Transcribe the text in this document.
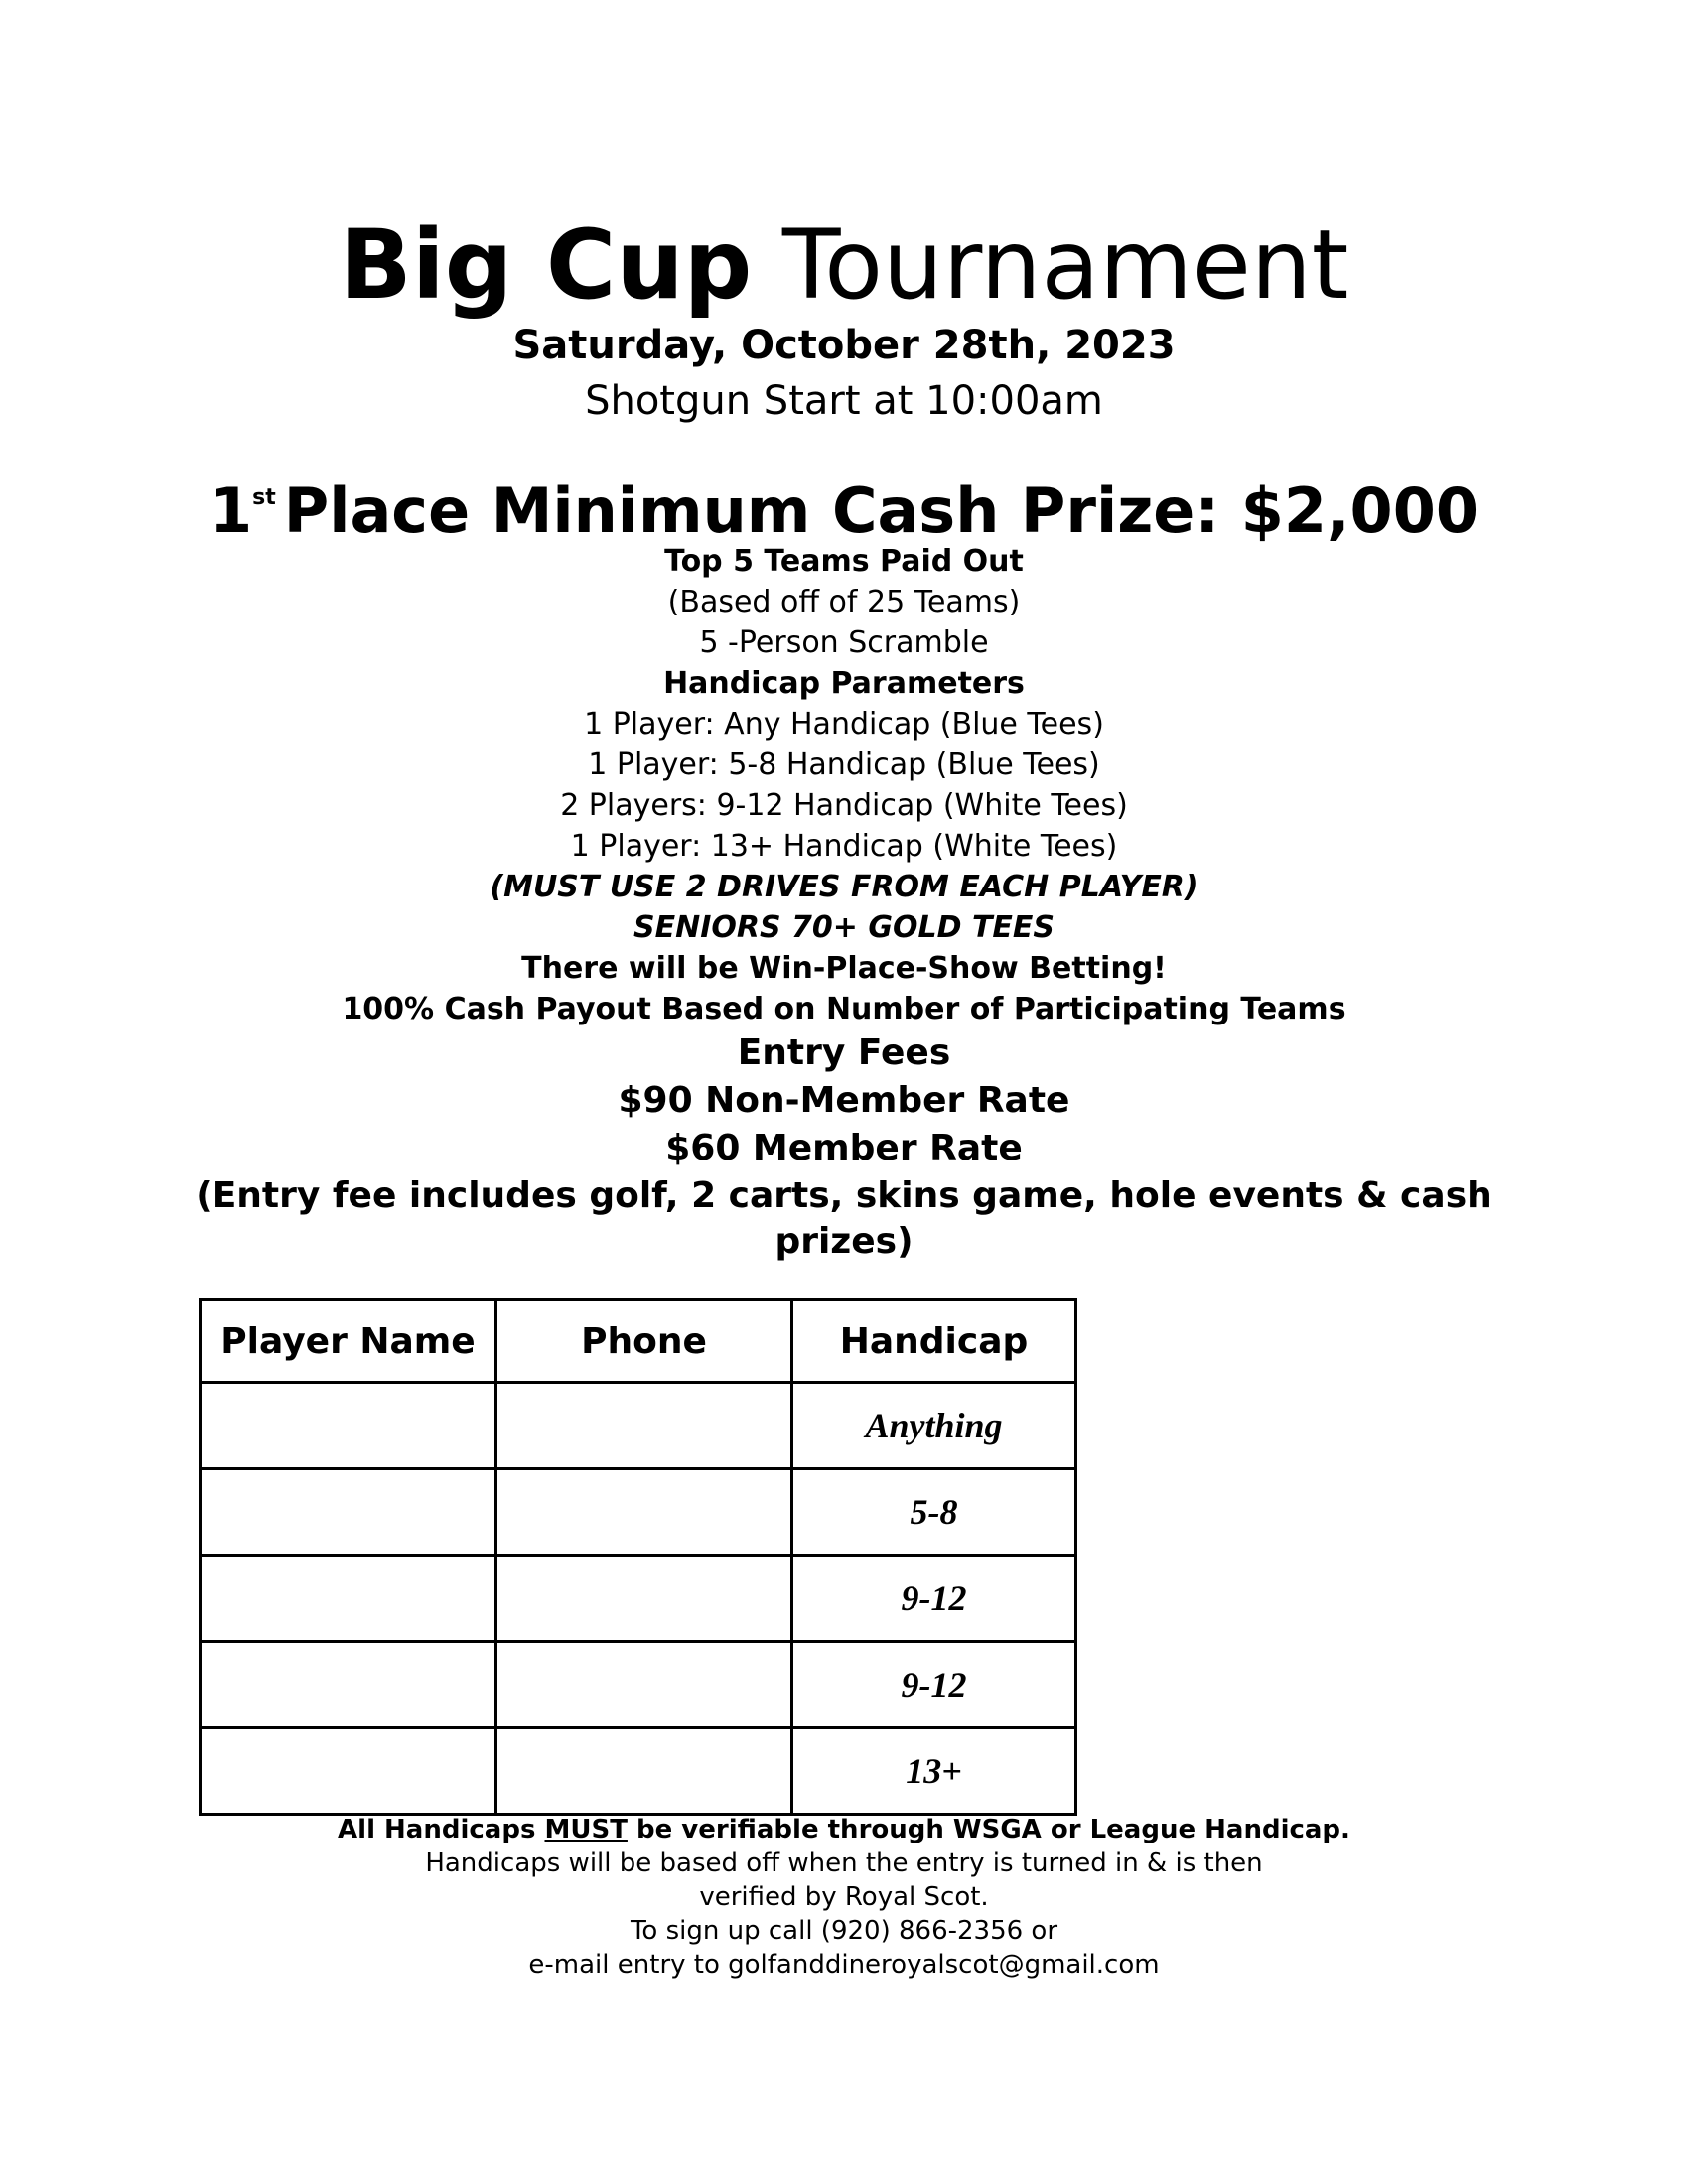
Big Cup Tournament
Saturday, October 28th, 2023
Shotgun Start at 10:00am
1st Place Minimum Cash Prize: $2,000
Top 5 Teams Paid Out
(Based off of 25 Teams)
5 -Person Scramble
Handicap Parameters
1 Player: Any Handicap (Blue Tees)
1 Player: 5-8 Handicap (Blue Tees)
2 Players: 9-12 Handicap (White Tees)
1 Player: 13+ Handicap (White Tees)
(MUST USE 2 DRIVES FROM EACH PLAYER)
SENIORS 70+ GOLD TEES
There will be Win-Place-Show Betting!
100% Cash Payout Based on Number of Participating Teams
Entry Fees
$90 Non-Member Rate
$60 Member Rate
(Entry fee includes golf, 2 carts, skins game, hole events & cash
prizes)
Player Name	Phone	Handicap
		Anything
		5-8
		9-12
		9-12
		13+
All Handicaps MUST be verifiable through WSGA or League Handicap.
Handicaps will be based off when the entry is turned in & is then
verified by Royal Scot.
To sign up call (920) 866-2356 or
e-mail entry to golfanddineroyalscot@gmail.com
